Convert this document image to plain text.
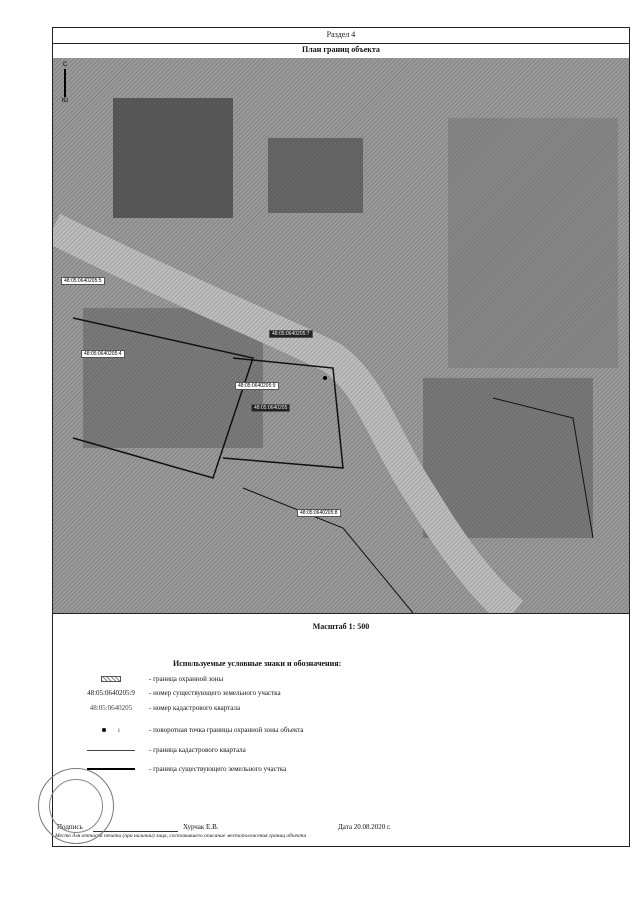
Раздел 4
План границ объекта
С
Ю
48:05:0640205:5
48:05:0640205:4
48:05:0640205:7
48:05:0640205:9
48:05:0640205
48:05:0640205:8
Масштаб 1: 500
Используемые условные знаки и обозначения:
- граница охранной зоны
48:05:0640205:9	- номер существующего земельного участка
48:05:0640205	- номер кадастрового квартала
1	- поворотная точка границы охранной зоны объекта
- граница кадастрового квартала
- граница существующего земельного участка
Подпись	Хурчак Е.В.	Дата 20.08.2020 г.
Место для оттиска печати (при наличии) лица, составившего описание местоположения границ объекта
